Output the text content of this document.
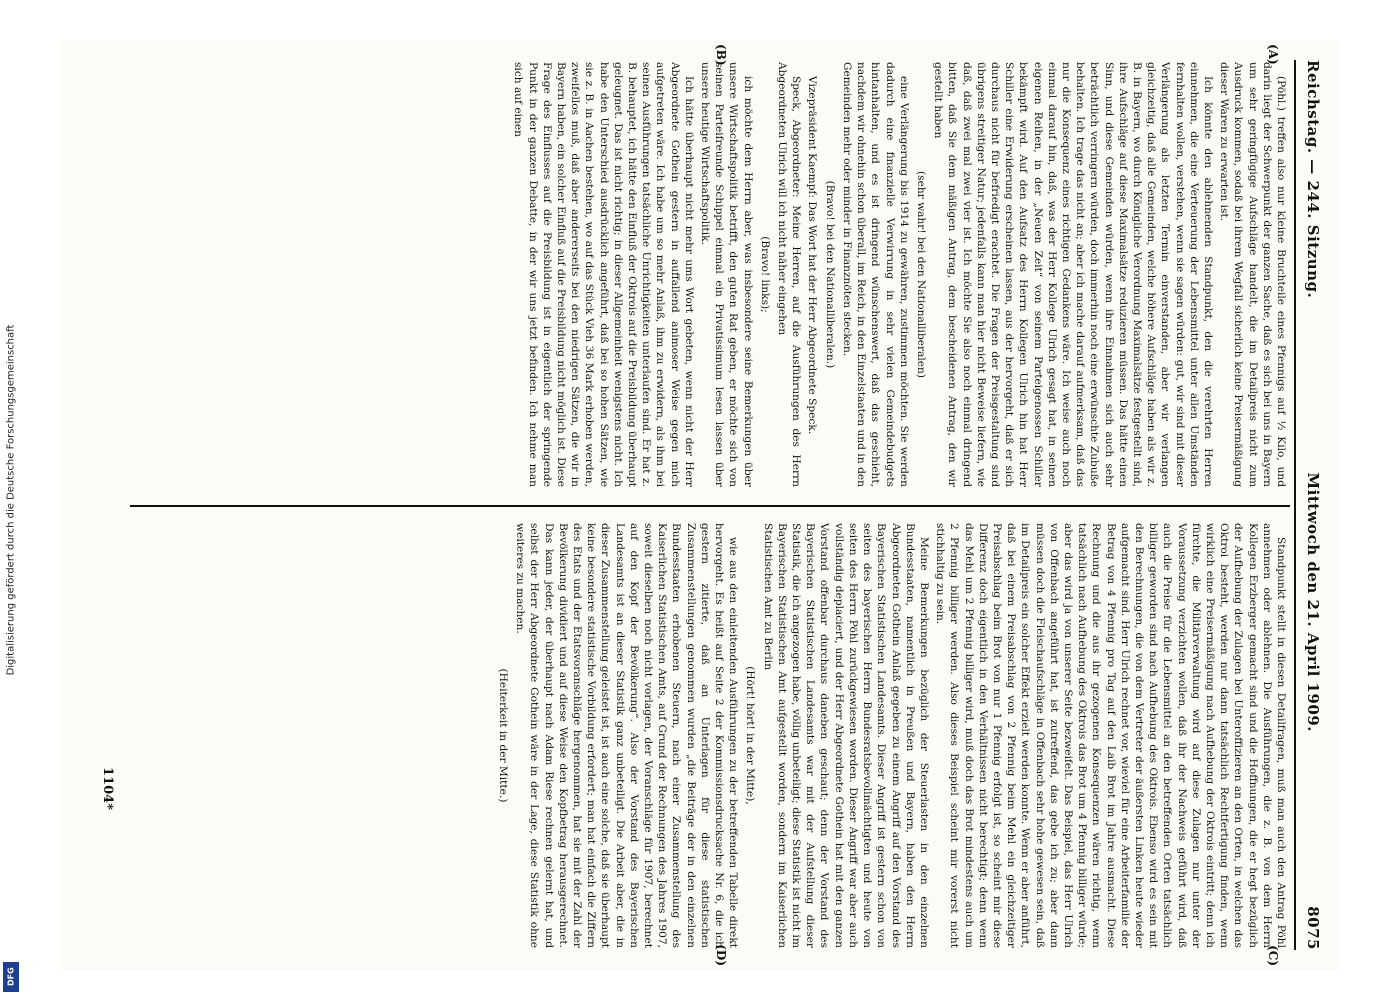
Digitalisierung gefördert durch die Deutsche Forschungsgemeinschaft
DFG
Reichstag. — 244. Sitzung.
Mittwoch den 21. April 1909.
8075
(A)
(B)
(C)
(D)

(Pöhl.) treffen also nur kleine Bruchteile eines Pfennigs auf ½ Kilo, und darin liegt der Schwerpunkt der ganzen Sache, daß es sich bei uns in Bayern um sehr geringfügige Aufschläge handelt, die im Detailpreis nicht zum Ausdruck kommen, sodaß bei ihrem Wegfall sicherlich keine Preisermäßigung dieser Waren zu erwarten ist.

Ich könnte den ablehnenden Standpunkt, den die verehrten Herren einnehmen, die eine Verteuerung der Lebensmittel unter allen Umständen fernhalten wollen, verstehen, wenn sie sagen würden: gut, wir sind mit dieser Verlängerung als letzten Termin einverstanden, aber wir verlangen gleichzeitig, daß alle Gemeinden, welche höhere Aufschläge haben als wir z. B. in Bayern, wo durch Königliche Verordnung Maximalsätze festgestellt sind, ihre Aufschläge auf diese Maximalsätze reduzieren müssen. Das hätte einen Sinn, und diese Gemeinden würden, wenn ihre Einnahmen sich auch sehr beträchtlich verringern würden, doch immerhin noch eine erwünschte Zubuße behalten. Ich trage das nicht an; aber ich mache darauf aufmerksam, daß das nur die Konsequenz eines richtigen Gedankens wäre. Ich weise auch noch einmal darauf hin, daß, was der Herr Kollege Ulrich gesagt hat, in seinen eigenen Reihen, in der „Neuen Zeit“ von seinem Parteigenossen Schiller bekämpft wird. Auf den Aufsatz des Herrn Kollegen Ulrich hin hat Herr Schiller eine Erwiderung erscheinen lassen, aus der hervorgeht, daß er sich durchaus nicht für befriedigt erachtet. Die Fragen der Preisgestaltung sind übrigens streitiger Natur; jedenfalls kann man hier nicht Beweise liefern, wie daß, daß zwei mal zwei vier ist. Ich möchte Sie also noch einmal dringend bitten, daß Sie dem mäßigen Antrag, dem bescheidenen Antrag, den wir gestellt haben

(sehr wahr! bei den Nationalliberalen)

eine Verlängerung bis 1914 zu gewähren, zustimmen möchten. Sie werden dadurch eine finanzielle Verwirrung in sehr vielen Gemeindebudgets hintanhalten, und es ist dringend wünschenswert, daß das geschieht, nachdem wir ohnehin schon überall, im Reich, in den Einzelstaaten und in den Gemeinden mehr oder minder in Finanznöten stecken.

(Bravo! bei den Nationalliberalen.)

Vizepräsident Kaempf: Das Wort hat der Herr Abgeordnete Speck.

Speck, Abgeordneter: Meine Herren, auf die Ausführungen des Herrn Abgeordneten Ulrich will ich nicht näher eingehen

(Bravo! links);

ich möchte dem Herrn aber, was insbesondere seine Bemerkungen über unsere Wirtschaftspolitik betrifft, den guten Rat geben, er möchte sich von seinen Parteifreunde Schippel einmal ein Privatissimum lesen lassen über unsere heutige Wirtschaftspolitik.

Ich hätte überhaupt nicht mehr ums Wort gebeten, wenn nicht der Herr Abgeordnete Gothein gestern in auffallend animoser Weise gegen mich aufgetreten wäre. Ich habe um so mehr Anlaß, ihm zu erwidern, als ihm bei seinen Ausführungen tatsächliche Unrichtigkeiten unterlaufen sind. Er hat z. B. behauptet, ich hätte den Einfluß der Oktrois auf die Preisbildung überhaupt geleugnet. Das ist nicht richtig; in dieser Allgemeinheit wenigstens nicht. Ich habe den Unterschied ausdrücklich angeführt, daß bei so hohen Sätzen, wie sie z. B. in Aachen bestehen, wo auf das Stück Vieh 36 Mark erhoben werden, zweifellos muß, daß aber andererseits bei den niedrigen Sätzen, die wir in Bayern haben, ein solcher Einfluß auf die Preisbildung nicht möglich ist. Diese Frage des Einflusses auf die Preisbildung ist in eigentlich der springende Punkt in der ganzen Debatte, in der wir uns jetzt befinden. Ich nehme man sich auf einen

Standpunkt stellt in diesen Detailfragen, muß man auch den Antrag Pöhl annehmen oder ablehnen. Die Ausführungen, die z. B. von dem Herrn Kollegen Erzberger gemacht sind und die Hoffnungen, die er hegt bezüglich der Aufhebung der Zulagen bei Unteroffizieren an den Orten, in welchen das Oktroi besteht, werden nur dann tatsächlich Rechtfertigung finden, wenn wirklich eine Preisermäßigung nach Aufhebung der Oktrois eintritt; denn ich fürchte, die Militärverwaltung wird auf diese Zulagen nur unter der Voraussetzung verzichten wollen, daß ihr der Nachweis geführt wird, daß auch die Preise für die Lebensmittel an den betreffenden Orten tatsächlich billiger geworden sind nach Aufhebung des Oktrois. Ebenso wird es sein mit den Berechnungen, die von dem Vertreter der äußersten Linken heute wieder aufgemacht sind. Herr Ulrich rechnet vor, wieviel für eine Arbeiterfamilie der Betrag von 4 Pfennig pro Tag auf den Laib Brot im Jahre ausmacht. Diese Rechnung und die aus ihr gezogenen Konsequenzen wären richtig, wenn tatsächlich nach Aufhebung des Oktrois das Brot um 4 Pfennig billiger würde; aber das wird ja von unserer Seite bezweifelt. Das Beispiel, das Herr Ulrich von Offenbach angeführt hat, ist zutreffend, das gebe ich zu; aber dann müssen doch die Fleischaufschläge in Offenbach sehr hohe gewesen sein, daß im Detailpreis ein solcher Effekt erzielt werden konnte. Wenn er aber anführt, daß bei einem Preisabschlag von 2 Pfennig beim Mehl ein gleichzeitiger Preisabschlag beim Brot von nur 1 Pfennig erfolgt ist, so scheint mir diese Differenz doch eigentlich in den Verhältnissen nicht berechtigt; denn wenn das Mehl um 2 Pfennig billiger wird, muß doch das Brot mindestens auch um 2 Pfennig billiger werden. Also dieses Beispiel scheint mir vorerst nicht stichhaltig zu sein.

Meine Bemerkungen bezüglich der Steuerlasten in den einzelnen Bundesstaaten, namentlich in Preußen und Bayern, haben den Herrn Abgeordneten Gothein Anlaß gegeben zu einem Angriff auf den Vorstand des Bayerischen Statistischen Landesamts. Dieser Angriff ist gestern schon von seiten des bayerischen Herrn Bundesratsbevollmächtigten und heute von seiten des Herrn Pöhl zurückgewiesen worden. Dieser Angriff war aber auch vollständig deplaciert, und der Herr Abgeordnete Gothein hat mit den ganzen Vorstand offenbar durchaus daneben geschaut; denn der Vorstand des Bayerischen Statistischen Landesamts war mit der Aufstellung dieser Statistik, die ich angezogen habe, völlig unbeteiligt; diese Statistik ist nicht im Bayerischen Statistischen Amt aufgestellt worden, sondern im Kaiserlichen Statistischen Amt zu Berlin

(Hört! hört! in der Mitte),

wie aus den einleitenden Ausführungen zu der betreffenden Tabelle direkt hervorgeht. Es heißt auf Seite 2 der Kommissionsdrucksache Nr. 6, die ich gestern zitierte, daß an Unterlagen für diese statistischen Zusammenstellungen genommen wurden „die Beiträge der in den einzelnen Bundesstaaten erhobenen Steuern, nach einer Zusammenstellung des Kaiserlichen Statistischen Amts, auf Grund der Rechnungen des Jahres 1907, soweit dieselben noch nicht vorlagen, der Voranschläge für 1907, berechnet auf den Kopf der Bevölkerung“. Also der Vorstand des Bayerischen Landesamts ist an dieser Statistik ganz unbeteiligt. Die Arbeit aber, die in dieser Zusammenstellung geleistet ist, ist auch eine solche, daß sie überhaupt keine besondere statistische Vorbildung erfordert; man hat einfach die Ziffern des Etats und der Etatsvoranschläge hergenommen, hat sie mit der Zahl der Bevölkerung dividiert und auf diese Weise den Kopfbetrag herausgerechnet. Das kann jeder, der überhaupt nach Adam Riese rechnen gelernt hat, und selbst der Herr Abgeordnete Gothein wäre in der Lage, diese Statistik ohne weiteres zu machen.

(Heiterkeit in der Mitte.)

1104*
